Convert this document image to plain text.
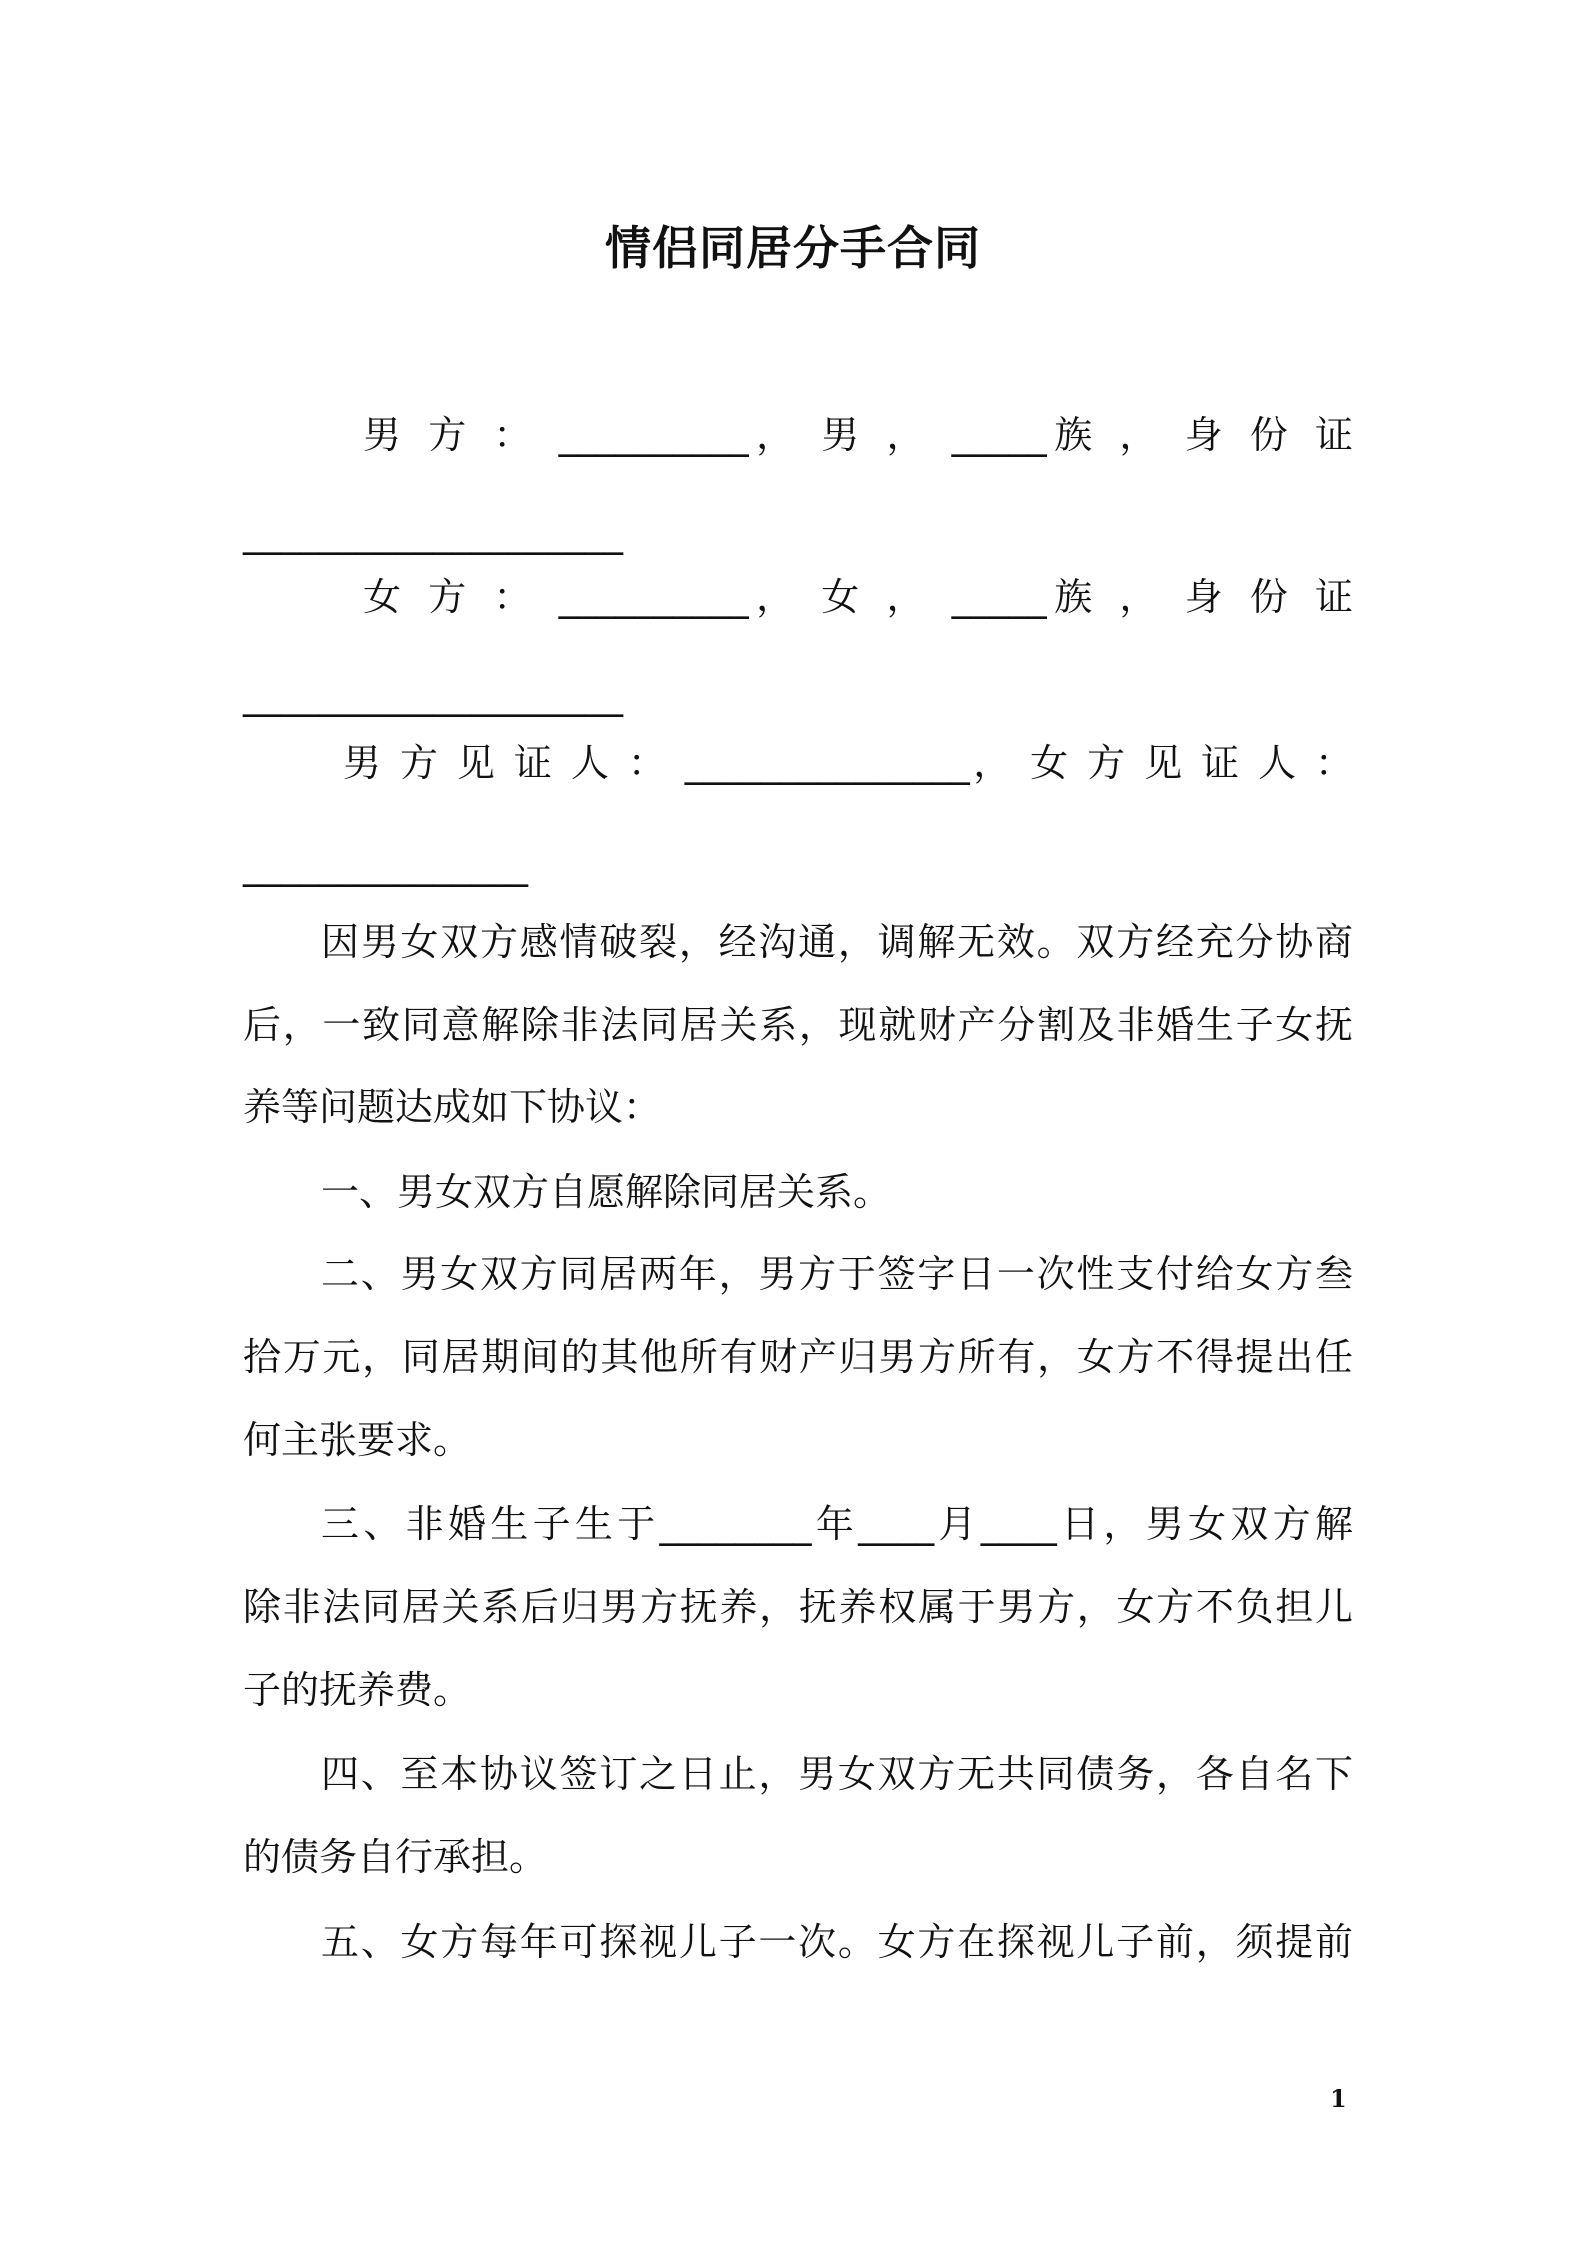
情侣同居分手合同
男 方 ： __________， 男 ， _____族 ， 身 份 证
____________________
女 方 ： __________， 女 ， _____族 ， 身 份 证
____________________
男 方 见 证 人 ： _______________， 女 方 见 证 人 ：
_______________
因男女双方感情破裂，经沟通，调解无效。双方经充分协商
后，一致同意解除非法同居关系，现就财产分割及非婚生子女抚
养等问题达成如下协议：
一、男女双方自愿解除同居关系。
二、男女双方同居两年，男方于签字日一次性支付给女方叁
拾万元，同居期间的其他所有财产归男方所有，女方不得提出任
何主张要求。
三、非婚生子生于________年____月____日，男女双方解
除非法同居关系后归男方抚养，抚养权属于男方，女方不负担儿
子的抚养费。
四、至本协议签订之日止，男女双方无共同债务，各自名下
的债务自行承担。
五、女方每年可探视儿子一次。女方在探视儿子前，须提前
1
